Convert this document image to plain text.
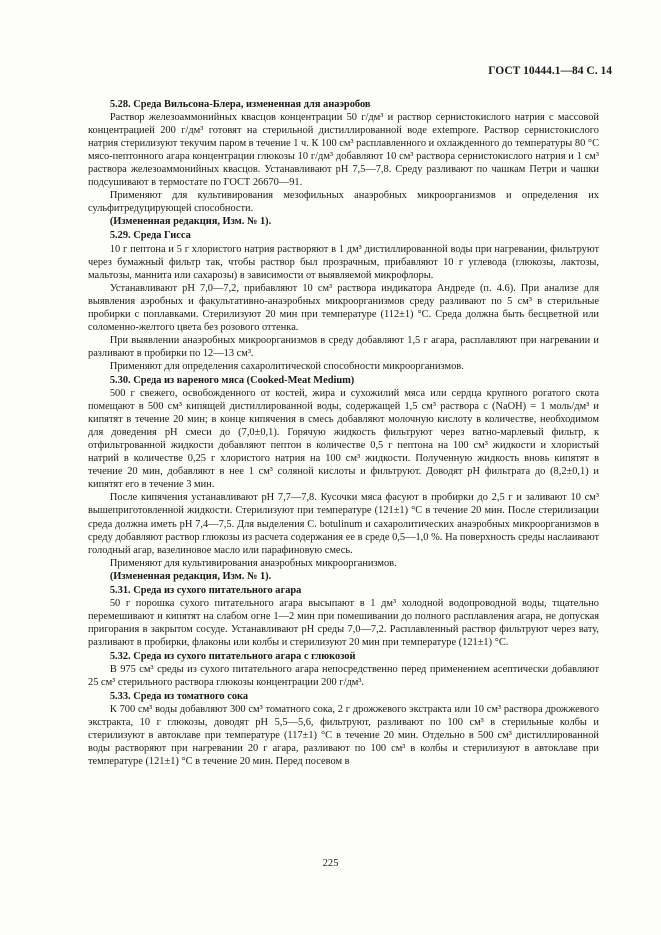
ГОСТ 10444.1—84 С. 14

5.28. Среда Вильсона-Блера, измененная для анаэробов

Раствор железоаммонийных квасцов концентрации 50 г/дм³ и раствор сернистокислого натрия с массовой концентрацией 200 г/дм³ готовят на стерильной дистиллированной воде extempore. Раствор сернистокислого натрия стерилизуют текучим паром в течение 1 ч. К 100 см³ расплавленного и охлажденного до температуры 80 °С мясо-пептонного агара концентрации глюкозы 10 г/дм³ добавляют 10 см³ раствора сернистокислого натрия и 1 см³ раствора железоаммонийных квасцов. Устанавливают pH 7,5—7,8. Среду разливают по чашкам Петри и чашки подсушивают в термостате по ГОСТ 26670—91.

Применяют для культивирования мезофильных анаэробных микроорганизмов и определения их сульфитредуцирующей способности.

(Измененная редакция, Изм. № 1).

5.29. Среда Гисса

10 г пептона и 5 г хлористого натрия растворяют в 1 дм³ дистиллированной воды при нагревании, фильтруют через бумажный фильтр так, чтобы раствор был прозрачным, прибавляют 10 г углевода (глюкозы, лактозы, мальтозы, маннита или сахарозы) в зависимости от выявляемой микрофлоры.

Устанавливают pH 7,0—7,2, прибавляют 10 см³ раствора индикатора Андреде (п. 4.6). При анализе для выявления аэробных и факультативно-анаэробных микроорганизмов среду разливают по 5 см³ в стерильные пробирки с поплавками. Стерилизуют 20 мин при температуре (112±1) °С. Среда должна быть бесцветной или соломенно-желтого цвета без розового оттенка.

При выявлении анаэробных микроорганизмов в среду добавляют 1,5 г агара, расплавляют при нагревании и разливают в пробирки по 12—13 см³.

Применяют для определения сахаролитической способности микроорганизмов.

5.30. Среда из вареного мяса (Cooked-Meat Medium)

500 г свежего, освобожденного от костей, жира и сухожилий мяса или сердца крупного рогатого скота помещают в 500 см³ кипящей дистиллированной воды, содержащей 1,5 см³ раствора с (NaOH) = 1 моль/дм³ и кипятят в течение 20 мин; в конце кипячения в смесь добавляют молочную кислоту в количестве, необходимом для доведения pH смеси до (7,0±0,1). Горячую жидкость фильтруют через ватно-марлевый фильтр, к отфильтрованной жидкости добавляют пептон в количестве 0,5 г пептона на 100 см³ жидкости и хлористый натрий в количестве 0,25 г хлористого натрия на 100 см³ жидкости. Полученную жидкость вновь кипятят в течение 20 мин, добавляют в нее 1 см³ соляной кислоты и фильтруют. Доводят pH фильтрата до (8,2±0,1) и кипятят его в течение 3 мин.

После кипячения устанавливают pH 7,7—7,8. Кусочки мяса фасуют в пробирки до 2,5 г и заливают 10 см³ вышеприготовленной жидкости. Стерилизуют при температуре (121±1) °С в течение 20 мин. После стерилизации среда должна иметь pH 7,4—7,5. Для выделения C. botulinum и сахаролитических анаэробных микроорганизмов в среду добавляют раствор глюкозы из расчета содержания ее в среде 0,5—1,0 %. На поверхность среды наслаивают голодный агар, вазелиновое масло или парафиновую смесь.

Применяют для культивирования анаэробных микроорганизмов.

(Измененная редакция, Изм. № 1).

5.31. Среда из сухого питательного агара

50 г порошка сухого питательного агара высыпают в 1 дм³ холодной водопроводной воды, тщательно перемешивают и кипятят на слабом огне 1—2 мин при помешивании до полного расплавления агара, не допуская пригорания в закрытом сосуде. Устанавливают pH среды 7,0—7,2. Расплавленный раствор фильтруют через вату, разливают в пробирки, флаконы или колбы и стерилизуют 20 мин при температуре (121±1) °С.

5.32. Среда из сухого питательного агара с глюкозой

В 975 см³ среды из сухого питательного агара непосредственно перед применением асептически добавляют 25 см³ стерильного раствора глюкозы концентрации 200 г/дм³.

5.33. Среда из томатного сока

К 700 см³ воды добавляют 300 см³ томатного сока, 2 г дрожжевого экстракта или 10 см³ раствора дрожжевого экстракта, 10 г глюкозы, доводят pH 5,5—5,6, фильтруют, разливают по 100 см³ в стерильные колбы и стерилизуют в автоклаве при температуре (117±1) °С в течение 20 мин. Отдельно в 500 см³ дистиллированной воды растворяют при нагревании 20 г агара, разливают по 100 см³ в колбы и стерилизуют в автоклаве при температуре (121±1) °С в течение 20 мин. Перед посевом в

225
